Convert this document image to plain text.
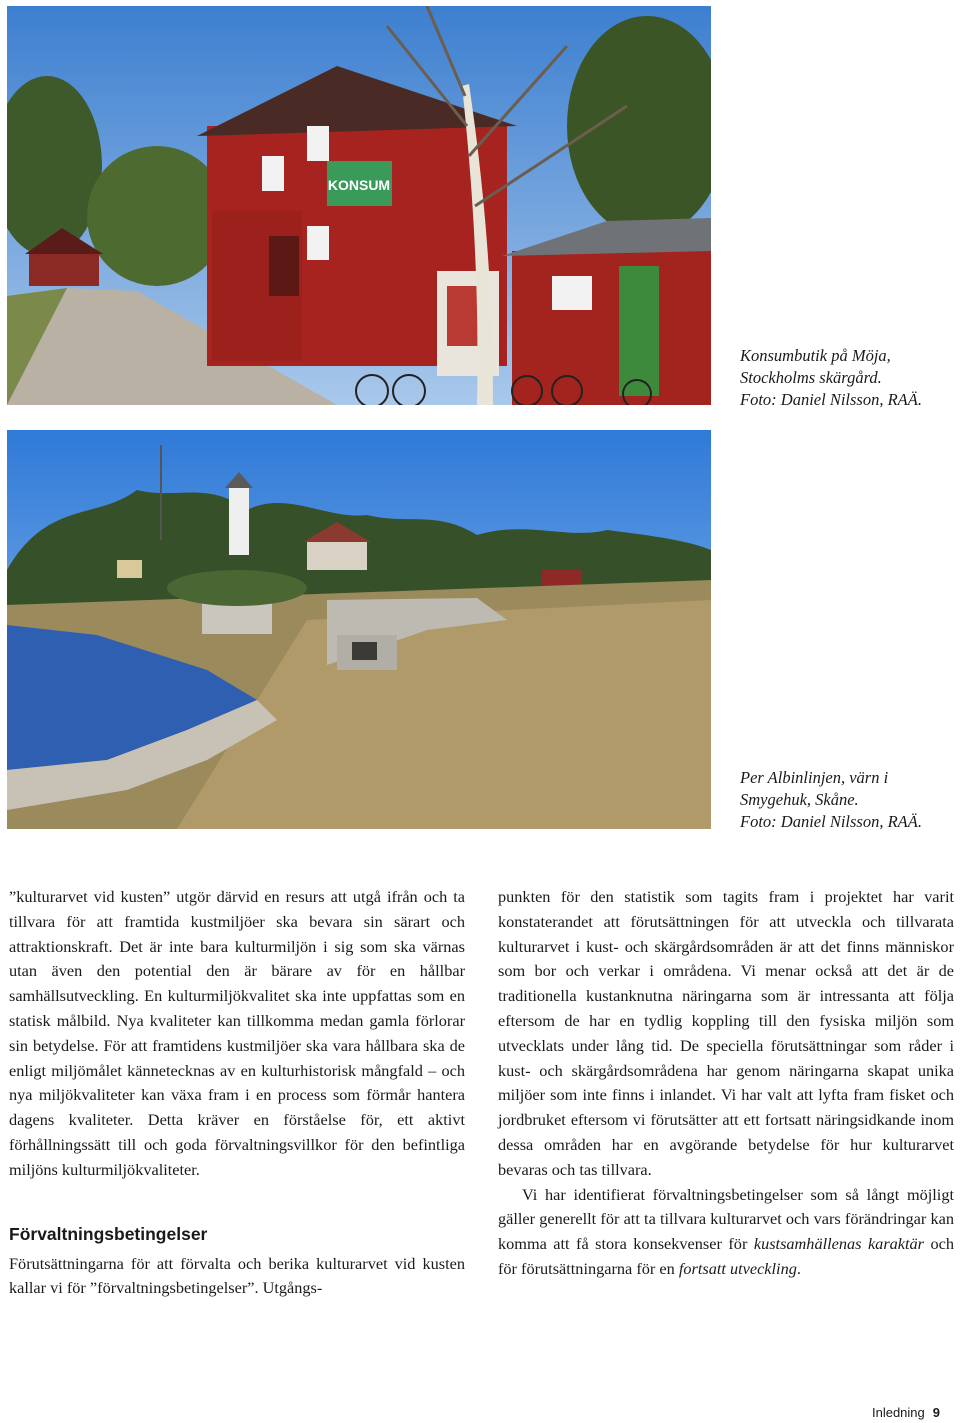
KONSUM
Konsumbutik på Möja,
Stockholms skärgård.
Foto: Daniel Nilsson, RAÄ.
Per Albinlinjen, värn i
Smygehuk, Skåne.
Foto: Daniel Nilsson, RAÄ.

”kulturarvet vid kusten” utgör därvid en resurs att utgå ifrån och ta tillvara för att framtida kustmiljöer ska bevara sin särart och attraktionskraft. Det är inte bara kulturmiljön i sig som ska värnas utan även den potential den är bärare av för en hållbar samhällsutveckling. En kulturmiljökvalitet ska inte uppfattas som en statisk målbild. Nya kvaliteter kan tillkomma medan gamla förlorar sin betydelse. För att framtidens kustmiljöer ska vara hållbara ska de enligt miljömålet kännetecknas av en kulturhistorisk mångfald – och nya miljökvaliteter kan växa fram i en process som förmår hantera dagens kvaliteter. Detta kräver en förståelse för, ett aktivt förhållningssätt till och goda förvaltningsvillkor för den befintliga miljöns kulturmiljökvaliteter.

Förvaltningsbetingelser

Förutsättningarna för att förvalta och berika kulturarvet vid kusten kallar vi för ”förvaltningsbetingelser”. Utgångs-

punkten för den statistik som tagits fram i projektet har varit konstaterandet att förutsättningen för att utveckla och tillvarata kulturarvet i kust- och skärgårdsområden är att det finns människor som bor och verkar i områdena. Vi menar också att det är de traditionella kustanknutna näringarna som är intressanta att följa eftersom de har en tydlig koppling till den fysiska miljön som utvecklats under lång tid. De speciella förutsättningar som råder i kust- och skärgårdsområdena har genom näringarna skapat unika miljöer som inte finns i inlandet. Vi har valt att lyfta fram fisket och jordbruket eftersom vi förutsätter att ett fortsatt näringsidkande inom dessa områden har en avgörande betydelse för hur kulturarvet bevaras och tas tillvara.

Vi har identifierat förvaltningsbetingelser som så långt möjligt gäller generellt för att ta tillvara kulturarvet och vars förändringar kan komma att få stora konsekvenser för kustsamhällenas karaktär och för förutsättningarna för en fortsatt utveckling.

Inledning 9
